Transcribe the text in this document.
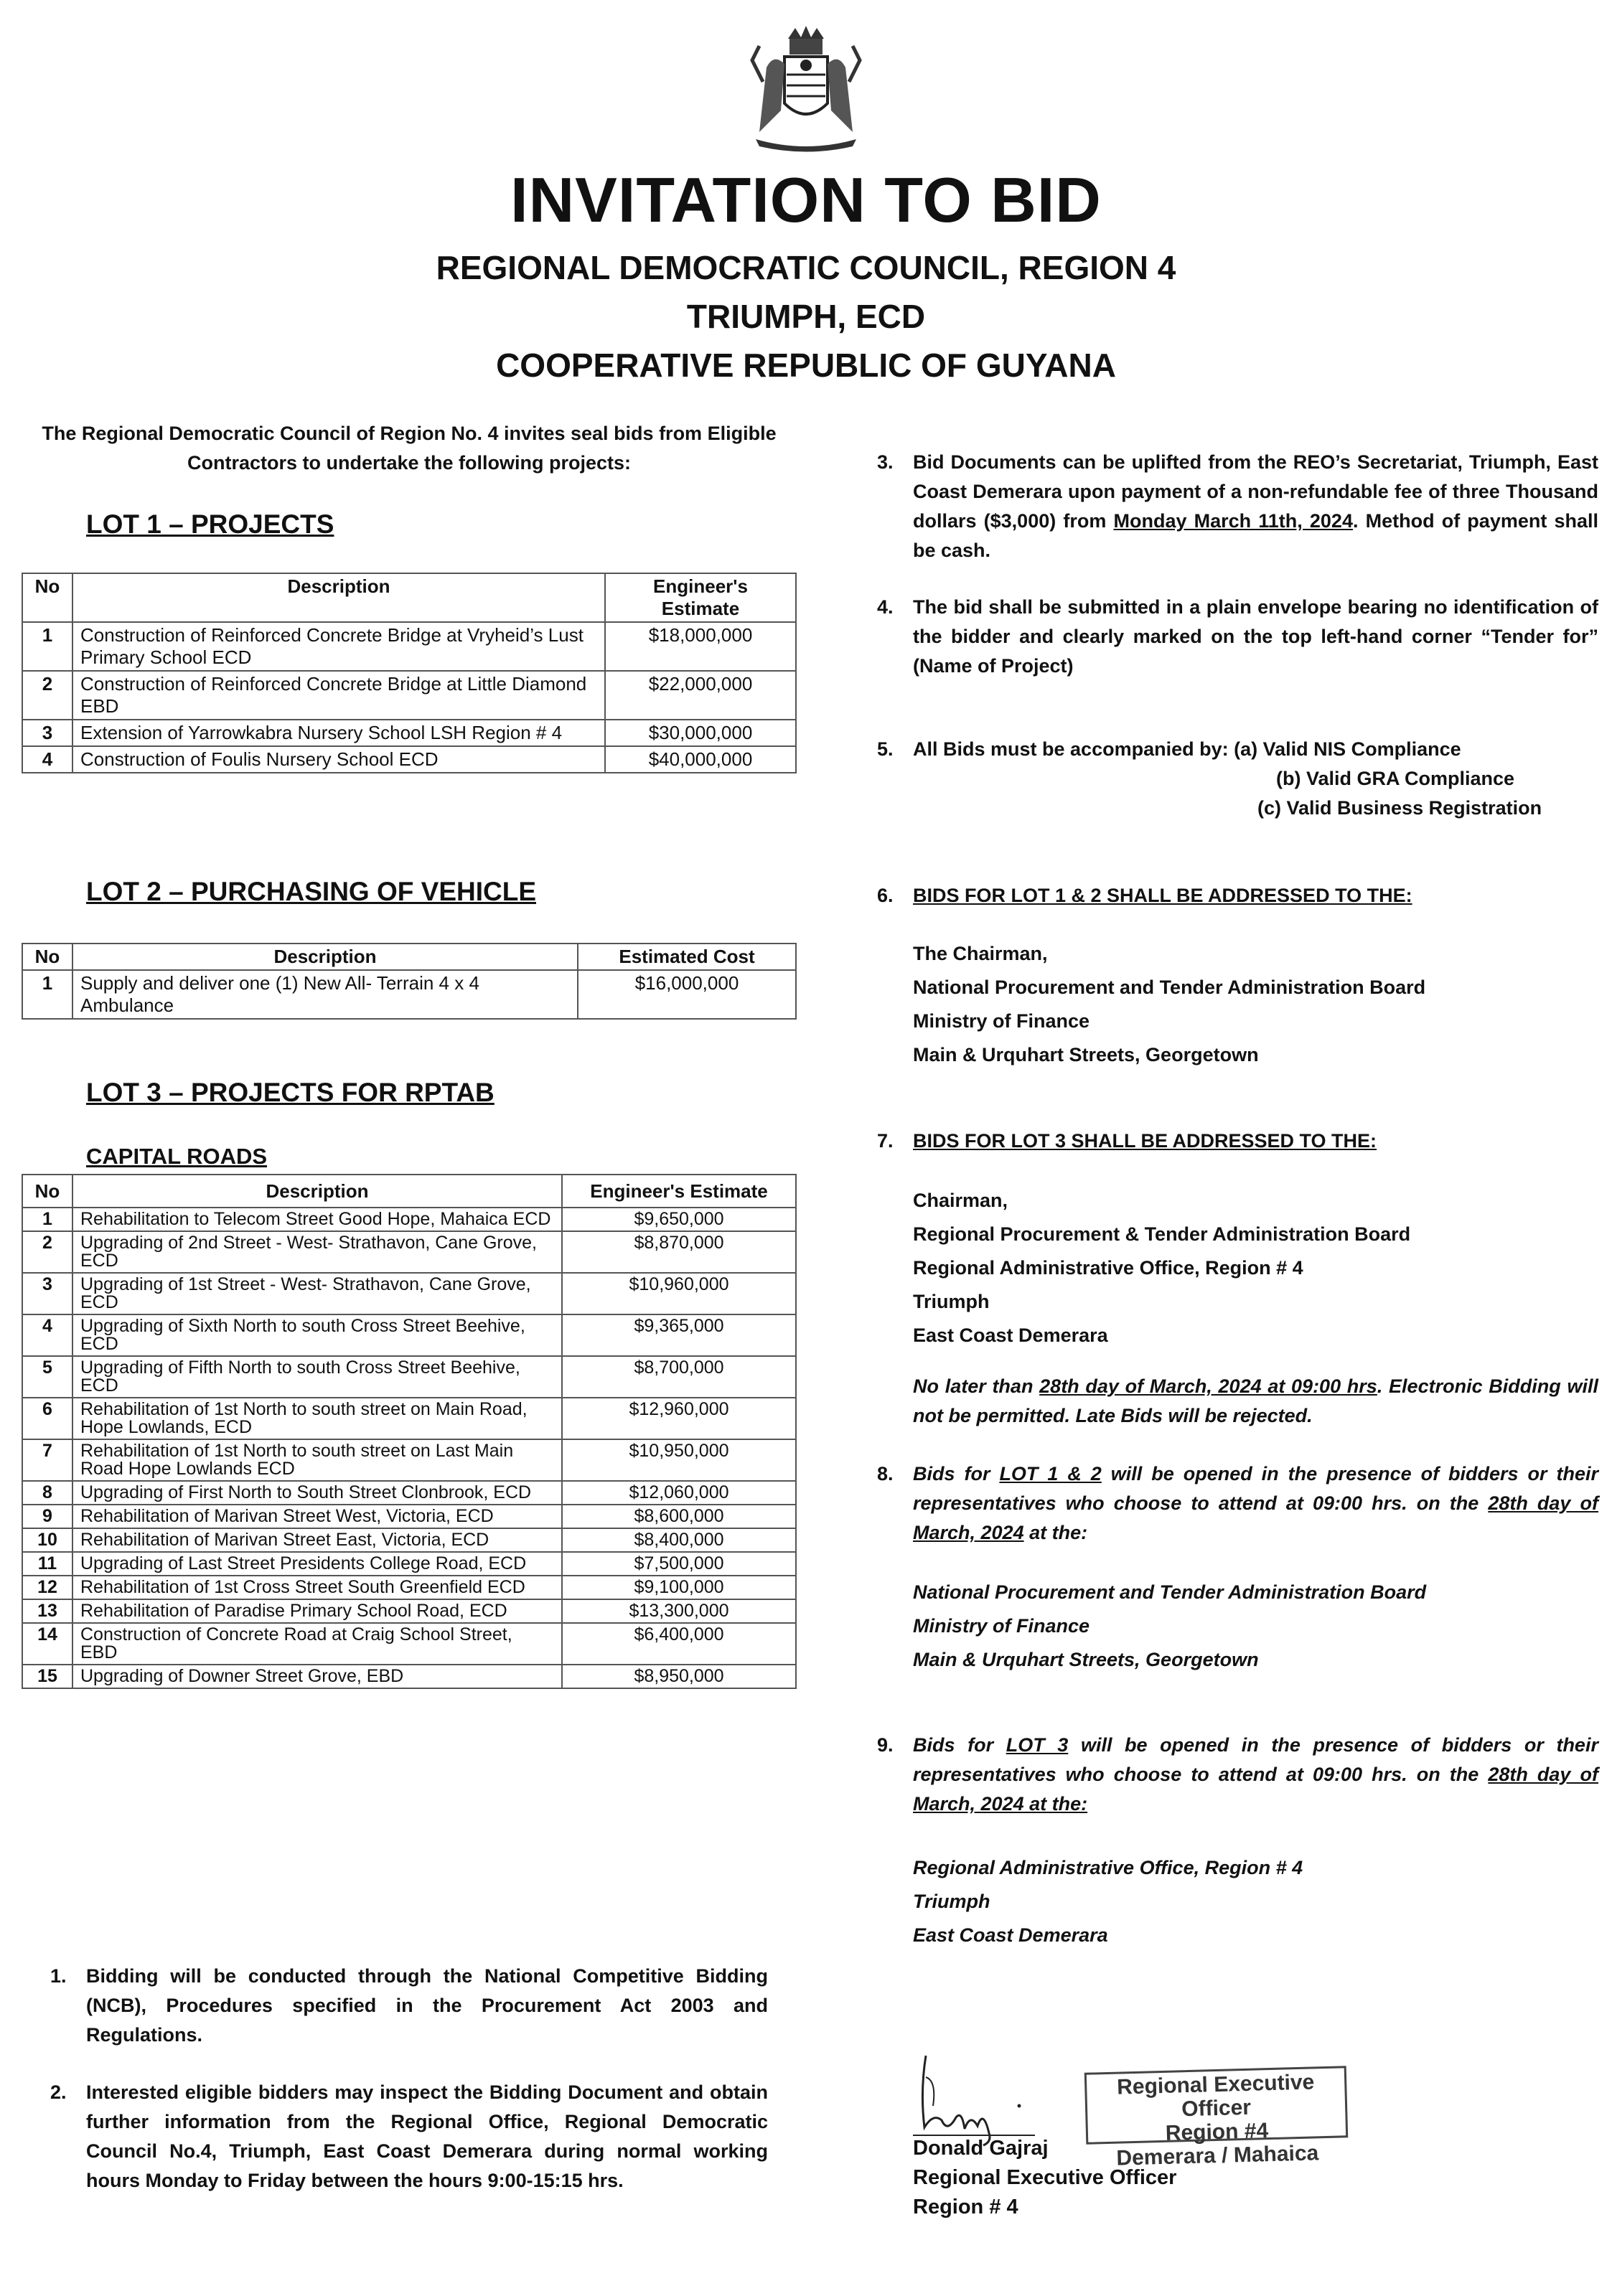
INVITATION TO BID
REGIONAL DEMOCRATIC COUNCIL, REGION 4
TRIUMPH, ECD
COOPERATIVE REPUBLIC OF GUYANA
The Regional Democratic Council of Region No. 4 invites seal bids from Eligible Contractors to undertake the following projects:
LOT 1 – PROJECTS
No	Description	Engineer's Estimate
1	Construction of Reinforced Concrete Bridge at Vryheid’s Lust Primary School ECD	$18,000,000
2	Construction of Reinforced Concrete Bridge at Little Diamond EBD	$22,000,000
3	Extension of Yarrowkabra Nursery School LSH Region # 4	$30,000,000
4	Construction of Foulis Nursery School ECD	$40,000,000
LOT 2 – PURCHASING OF VEHICLE
No	Description	Estimated Cost
1	Supply and deliver one (1) New All- Terrain 4 x 4 Ambulance	$16,000,000
LOT 3 – PROJECTS FOR RPTAB
CAPITAL ROADS
No	Description	Engineer's Estimate
1	Rehabilitation to Telecom Street Good Hope, Mahaica ECD	$9,650,000
2	Upgrading of 2nd Street - West- Strathavon, Cane Grove, ECD	$8,870,000
3	Upgrading of 1st Street - West- Strathavon, Cane Grove, ECD	$10,960,000
4	Upgrading of Sixth North to south Cross Street Beehive, ECD	$9,365,000
5	Upgrading of Fifth North to south Cross Street Beehive, ECD	$8,700,000
6	Rehabilitation of 1st North to south street on Main Road, Hope Lowlands, ECD	$12,960,000
7	Rehabilitation of 1st North to south street on Last Main Road Hope Lowlands ECD	$10,950,000
8	Upgrading of First North to South Street Clonbrook, ECD	$12,060,000
9	Rehabilitation of Marivan Street West, Victoria, ECD	$8,600,000
10	Rehabilitation of Marivan Street East, Victoria, ECD	$8,400,000
11	Upgrading of Last Street Presidents College Road, ECD	$7,500,000
12	Rehabilitation of 1st Cross Street South Greenfield ECD	$9,100,000
13	Rehabilitation of Paradise Primary School Road, ECD	$13,300,000
14	Construction of Concrete Road at Craig School Street, EBD	$6,400,000
15	Upgrading of Downer Street Grove, EBD	$8,950,000
1. Bidding will be conducted through the National Competitive Bidding (NCB), Procedures specified in the Procurement Act 2003 and Regulations.
2. Interested eligible bidders may inspect the Bidding Document and obtain further information from the Regional Office, Regional Democratic Council No.4, Triumph, East Coast Demerara during normal working hours Monday to Friday between the hours 9:00-15:15 hrs.
3. Bid Documents can be uplifted from the REO’s Secretariat, Triumph, East Coast Demerara upon payment of a non-refundable fee of three Thousand dollars ($3,000) from Monday March 11th, 2024. Method of payment shall be cash.
4. The bid shall be submitted in a plain envelope bearing no identification of the bidder and clearly marked on the top left-hand corner “Tender for” (Name of Project)
5. All Bids must be accompanied by: (a) Valid NIS Compliance
(b) Valid GRA Compliance
(c) Valid Business Registration
6. BIDS FOR LOT 1 & 2 SHALL BE ADDRESSED TO THE:
The Chairman,
National Procurement and Tender Administration Board
Ministry of Finance
Main & Urquhart Streets, Georgetown
7. BIDS FOR LOT 3 SHALL BE ADDRESSED TO THE:
Chairman,
Regional Procurement & Tender Administration Board
Regional Administrative Office, Region # 4
Triumph
East Coast Demerara
No later than 28th day of March, 2024 at 09:00 hrs. Electronic Bidding will not be permitted. Late Bids will be rejected.
8. Bids for LOT 1 & 2 will be opened in the presence of bidders or their representatives who choose to attend at 09:00 hrs. on the 28th day of March, 2024 at the:
National Procurement and Tender Administration Board
Ministry of Finance
Main & Urquhart Streets, Georgetown
9. Bids for LOT 3 will be opened in the presence of bidders or their representatives who choose to attend at 09:00 hrs. on the 28th day of March, 2024 at the:
Regional Administrative Office, Region # 4
Triumph
East Coast Demerara
Regional Executive Officer
Region #4
Demerara / Mahaica
Donald Gajraj
Regional Executive Officer
Region # 4
